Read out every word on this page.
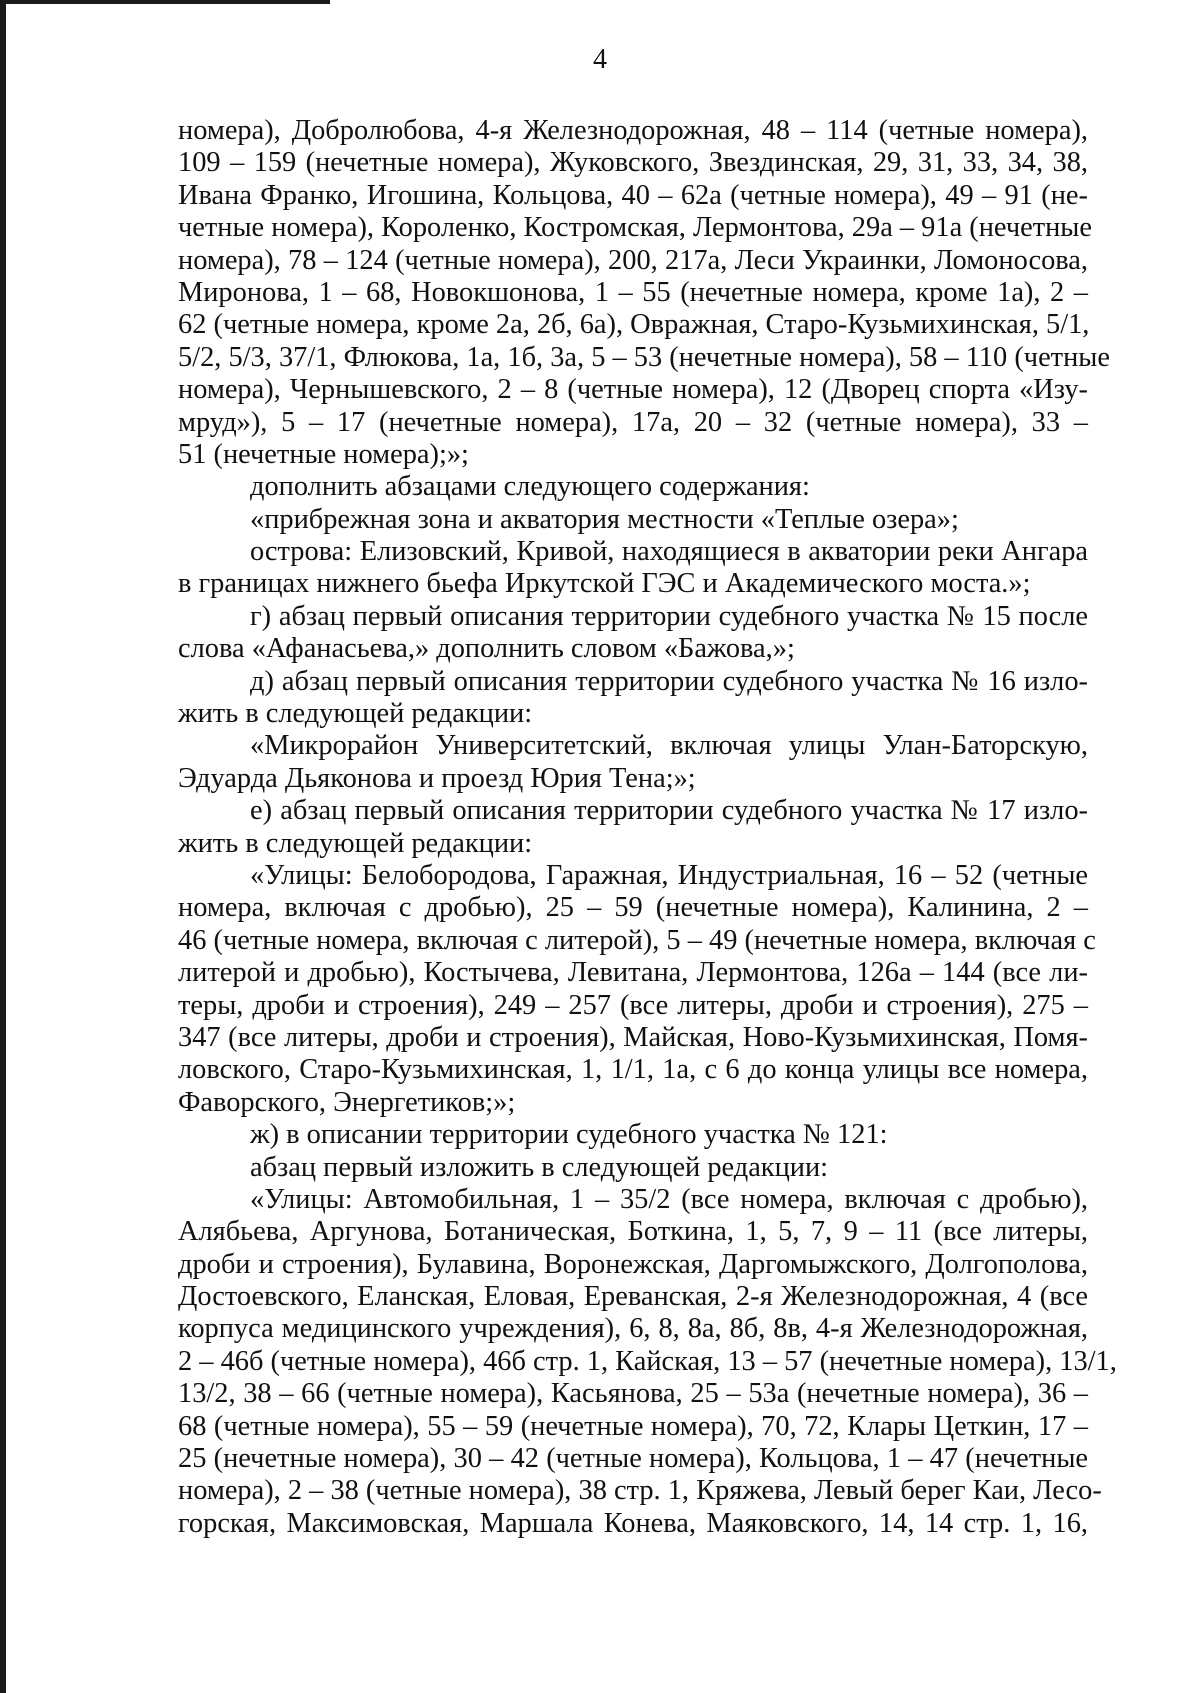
4
номера), Добролюбова, 4-я Железнодорожная, 48 – 114 (четные номера),
109 – 159 (нечетные номера), Жуковского, Звездинская, 29, 31, 33, 34, 38,
Ивана Франко, Игошина, Кольцова, 40 – 62а (четные номера), 49 – 91 (не-
четные номера), Короленко, Костромская, Лермонтова, 29а – 91а (нечетные
номера), 78 – 124 (четные номера), 200, 217а, Леси Украинки, Ломоносова,
Миронова, 1 – 68, Новокшонова, 1 – 55 (нечетные номера, кроме 1а), 2 –
62 (четные номера, кроме 2а, 2б, 6а), Овражная, Старо-Кузьмихинская, 5/1,
5/2, 5/3, 37/1, Флюкова, 1а, 1б, 3а, 5 – 53 (нечетные номера), 58 – 110 (четные
номера), Чернышевского, 2 – 8 (четные номера), 12 (Дворец спорта «Изу-
мруд»), 5 – 17 (нечетные номера), 17а, 20 – 32 (четные номера), 33 –
51 (нечетные номера);»;
дополнить абзацами следующего содержания:
«прибрежная зона и акватория местности «Теплые озера»;
острова: Елизовский, Кривой, находящиеся в акватории реки Ангара
в границах нижнего бьефа Иркутской ГЭС и Академического моста.»;
г) абзац первый описания территории судебного участка № 15 после
слова «Афанасьева,» дополнить словом «Бажова,»;
д) абзац первый описания территории судебного участка № 16 изло-
жить в следующей редакции:
«Микрорайон Университетский, включая улицы Улан-Баторскую,
Эдуарда Дьяконова и проезд Юрия Тена;»;
е) абзац первый описания территории судебного участка № 17 изло-
жить в следующей редакции:
«Улицы: Белобородова, Гаражная, Индустриальная, 16 – 52 (четные
номера, включая с дробью), 25 – 59 (нечетные номера), Калинина, 2 –
46 (четные номера, включая с литерой), 5 – 49 (нечетные номера, включая с
литерой и дробью), Костычева, Левитана, Лермонтова, 126а – 144 (все ли-
теры, дроби и строения), 249 – 257 (все литеры, дроби и строения), 275 –
347 (все литеры, дроби и строения), Майская, Ново-Кузьмихинская, Помя-
ловского, Старо-Кузьмихинская, 1, 1/1, 1а, с 6 до конца улицы все номера,
Фаворского, Энергетиков;»;
ж) в описании территории судебного участка № 121:
абзац первый изложить в следующей редакции:
«Улицы: Автомобильная, 1 – 35/2 (все номера, включая с дробью),
Алябьева, Аргунова, Ботаническая, Боткина, 1, 5, 7, 9 – 11 (все литеры,
дроби и строения), Булавина, Воронежская, Даргомыжского, Долгополова,
Достоевского, Еланская, Еловая, Ереванская, 2-я Железнодорожная, 4 (все
корпуса медицинского учреждения), 6, 8, 8а, 8б, 8в, 4-я Железнодорожная,
2 – 46б (четные номера), 46б стр. 1, Кайская, 13 – 57 (нечетные номера), 13/1,
13/2, 38 – 66 (четные номера), Касьянова, 25 – 53а (нечетные номера), 36 –
68 (четные номера), 55 – 59 (нечетные номера), 70, 72, Клары Цеткин, 17 –
25 (нечетные номера), 30 – 42 (четные номера), Кольцова, 1 – 47 (нечетные
номера), 2 – 38 (четные номера), 38 стр. 1, Кряжева, Левый берег Каи, Лесо-
горская, Максимовская, Маршала Конева, Маяковского, 14, 14 стр. 1, 16,
